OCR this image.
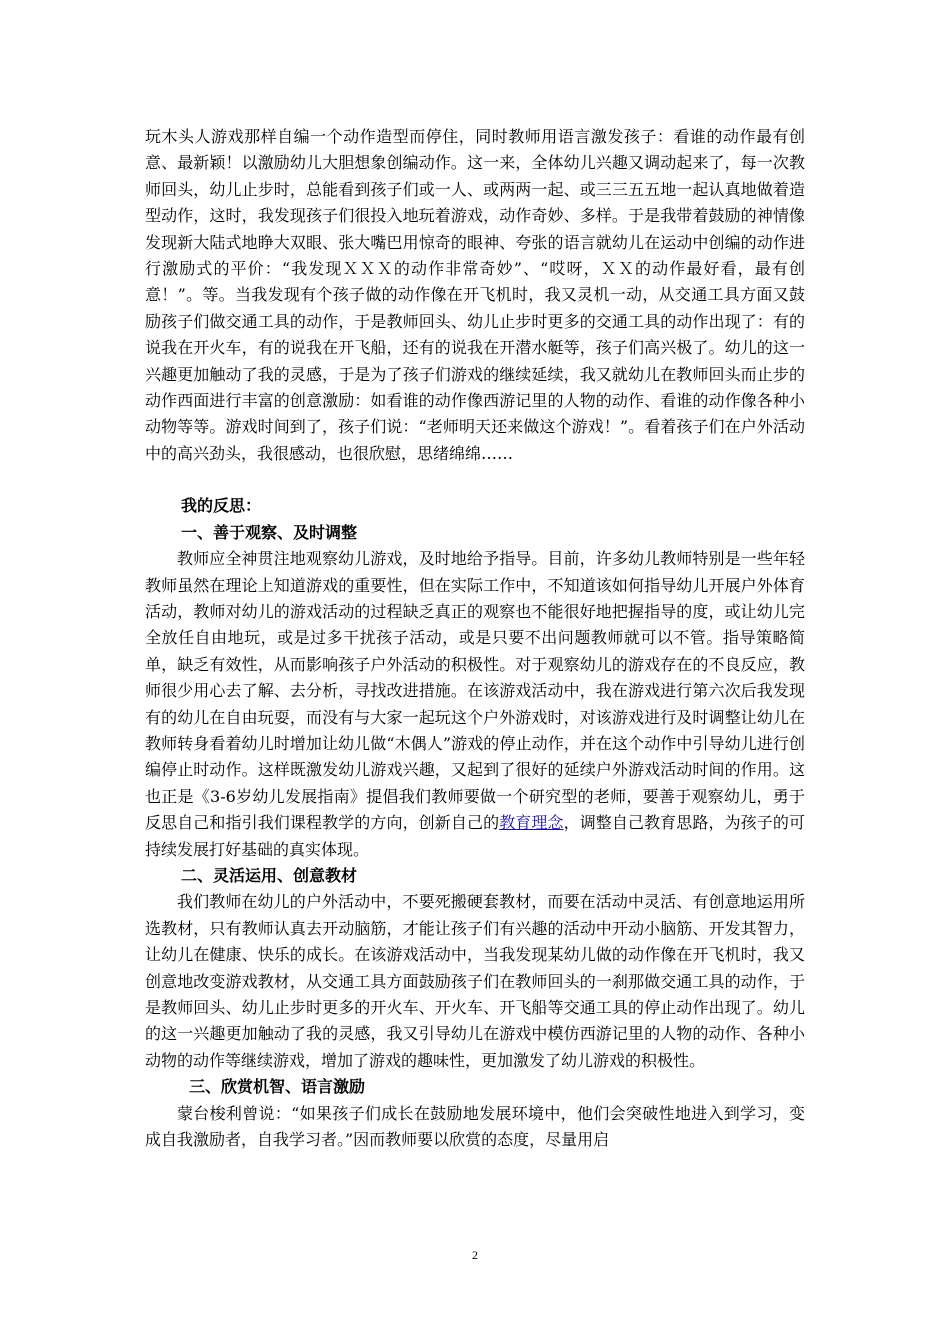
玩木头人游戏那样自编一个动作造型而停住，同时教师用语言激发孩子：看谁的动作最有创意、最新颖！以激励幼儿大胆想象创编动作。这一来，全体幼儿兴趣又调动起来了，每一次教师回头，幼儿止步时，总能看到孩子们或一人、或两两一起、或三三五五地一起认真地做着造型动作，这时，我发现孩子们很投入地玩着游戏，动作奇妙、多样。于是我带着鼓励的神情像发现新大陆式地睁大双眼、张大嘴巴用惊奇的眼神、夸张的语言就幼儿在运动中创编的动作进行激励式的平价：“我发现ＸＸＸ的动作非常奇妙”、“哎呀，ＸＸ的动作最好看，最有创意！”。等。当我发现有个孩子做的动作像在开飞机时，我又灵机一动，从交通工具方面又鼓励孩子们做交通工具的动作，于是教师回头、幼儿止步时更多的交通工具的动作出现了：有的说我在开火车，有的说我在开飞船，还有的说我在开潜水艇等，孩子们高兴极了。幼儿的这一兴趣更加触动了我的灵感，于是为了孩子们游戏的继续延续，我又就幼儿在教师回头而止步的动作西面进行丰富的创意激励：如看谁的动作像西游记里的人物的动作、看谁的动作像各种小动物等等。游戏时间到了，孩子们说：“老师明天还来做这个游戏！”。看着孩子们在户外活动中的高兴劲头，我很感动，也很欣慰，思绪绵绵……

我的反思：

一、善于观察、及时调整

教师应全神贯注地观察幼儿游戏，及时地给予指导。目前，许多幼儿教师特别是一些年轻教师虽然在理论上知道游戏的重要性，但在实际工作中，不知道该如何指导幼儿开展户外体育活动，教师对幼儿的游戏活动的过程缺乏真正的观察也不能很好地把握指导的度，或让幼儿完全放任自由地玩，或是过多干扰孩子活动，或是只要不出问题教师就可以不管。指导策略简单，缺乏有效性，从而影响孩子户外活动的积极性。对于观察幼儿的游戏存在的不良反应，教师很少用心去了解、去分析，寻找改进措施。在该游戏活动中，我在游戏进行第六次后我发现有的幼儿在自由玩耍，而没有与大家一起玩这个户外游戏时，对该游戏进行及时调整让幼儿在教师转身看着幼儿时增加让幼儿做“木偶人”游戏的停止动作，并在这个动作中引导幼儿进行创编停止时动作。这样既激发幼儿游戏兴趣，又起到了很好的延续户外游戏活动时间的作用。这也正是《3-6岁幼儿发展指南》提倡我们教师要做一个研究型的老师，要善于观察幼儿，勇于反思自己和指引我们课程教学的方向，创新自己的教育理念，调整自己教育思路，为孩子的可持续发展打好基础的真实体现。

二、灵活运用、创意教材

我们教师在幼儿的户外活动中，不要死搬硬套教材，而要在活动中灵活、有创意地运用所选教材，只有教师认真去开动脑筋，才能让孩子们有兴趣的活动中开动小脑筋、开发其智力，让幼儿在健康、快乐的成长。在该游戏活动中，当我发现某幼儿做的动作像在开飞机时，我又创意地改变游戏教材，从交通工具方面鼓励孩子们在教师回头的一刹那做交通工具的动作，于是教师回头、幼儿止步时更多的开火车、开火车、开飞船等交通工具的停止动作出现了。幼儿的这一兴趣更加触动了我的灵感，我又引导幼儿在游戏中模仿西游记里的人物的动作、各种小动物的动作等继续游戏，增加了游戏的趣味性，更加激发了幼儿游戏的积极性。

三、欣赏机智、语言激励

蒙台梭利曾说：“如果孩子们成长在鼓励地发展环境中，他们会突破性地进入到学习，变成自我激励者，自我学习者。”因而教师要以欣赏的态度，尽量用启

2
